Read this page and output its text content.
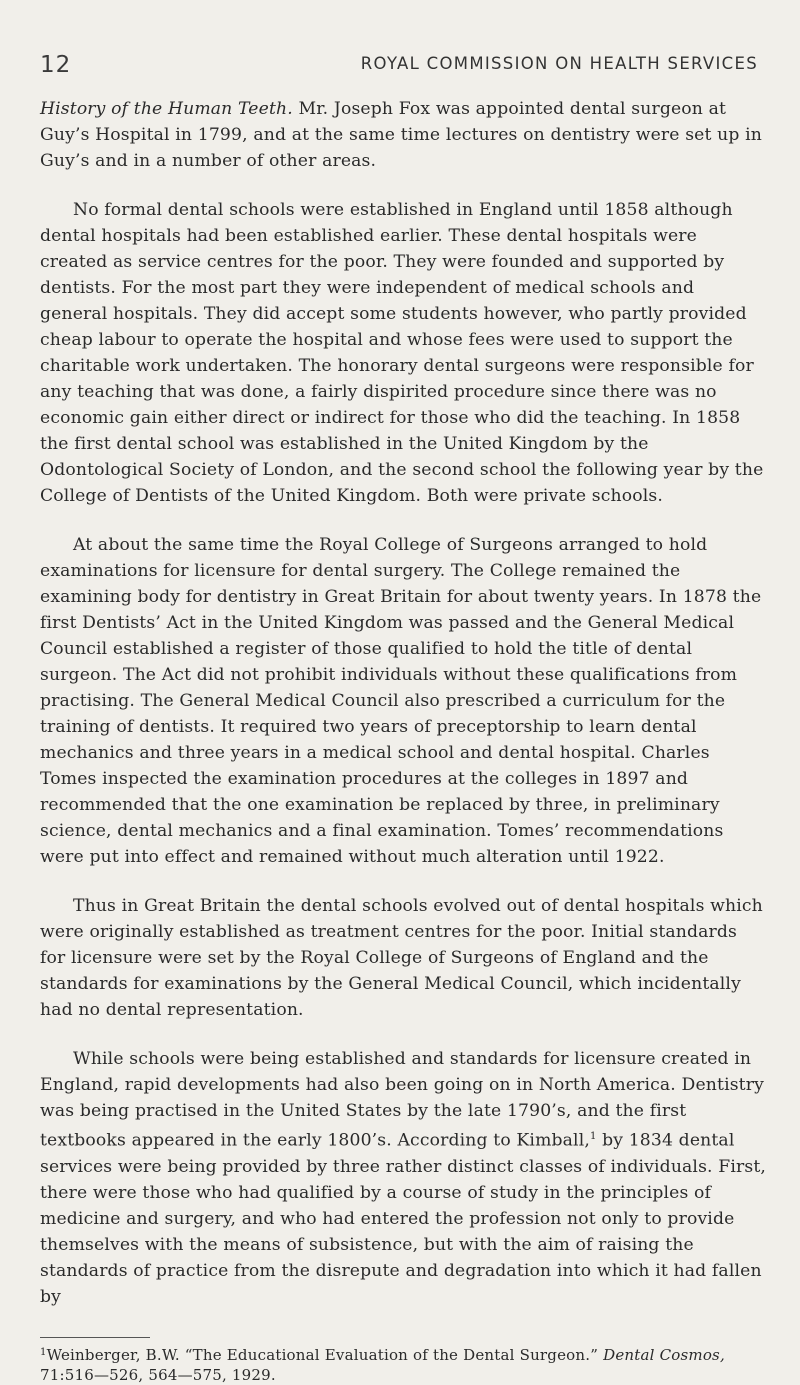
12	ROYAL COMMISSION ON HEALTH SERVICES

History of the Human Teeth. Mr. Joseph Fox was appointed dental surgeon at Guy’s Hospital in 1799, and at the same time lectures on dentistry were set up in Guy’s and in a number of other areas.

No formal dental schools were established in England until 1858 although dental hospitals had been established earlier. These dental hospitals were created as service centres for the poor. They were founded and supported by dentists. For the most part they were independent of medical schools and general hospitals. They did accept some students however, who partly provided cheap labour to operate the hospital and whose fees were used to support the charitable work undertaken. The honorary dental surgeons were responsible for any teaching that was done, a fairly dispirited procedure since there was no economic gain either direct or indirect for those who did the teaching. In 1858 the first dental school was established in the United Kingdom by the Odontological Society of London, and the second school the following year by the College of Dentists of the United Kingdom. Both were private schools.

At about the same time the Royal College of Surgeons arranged to hold examinations for licensure for dental surgery. The College remained the examining body for dentistry in Great Britain for about twenty years. In 1878 the first Dentists’ Act in the United Kingdom was passed and the General Medical Council established a register of those qualified to hold the title of dental surgeon. The Act did not prohibit individuals without these qualifications from practising. The General Medical Council also prescribed a curriculum for the training of dentists. It required two years of preceptorship to learn dental mechanics and three years in a medical school and dental hospital. Charles Tomes inspected the examination procedures at the colleges in 1897 and recommended that the one examination be replaced by three, in preliminary science, dental mechanics and a final examination. Tomes’ recommendations were put into effect and remained without much alteration until 1922.

Thus in Great Britain the dental schools evolved out of dental hospitals which were originally established as treatment centres for the poor. Initial standards for licensure were set by the Royal College of Surgeons of England and the standards for examinations by the General Medical Council, which incidentally had no dental representation.

While schools were being established and standards for licensure created in England, rapid developments had also been going on in North America. Dentistry was being practised in the United States by the late 1790’s, and the first textbooks appeared in the early 1800’s. According to Kimball,$^1$ by 1834 dental services were being provided by three rather distinct classes of individuals. First, there were those who had qualified by a course of study in the principles of medicine and surgery, and who had entered the profession not only to provide themselves with the means of subsistence, but with the aim of raising the standards of practice from the disrepute and degradation into which it had fallen by

$^1$Weinberger, B.W. “The Educational Evaluation of the Dental Surgeon.” Dental Cosmos, 71:516—526, 564—575, 1929.
